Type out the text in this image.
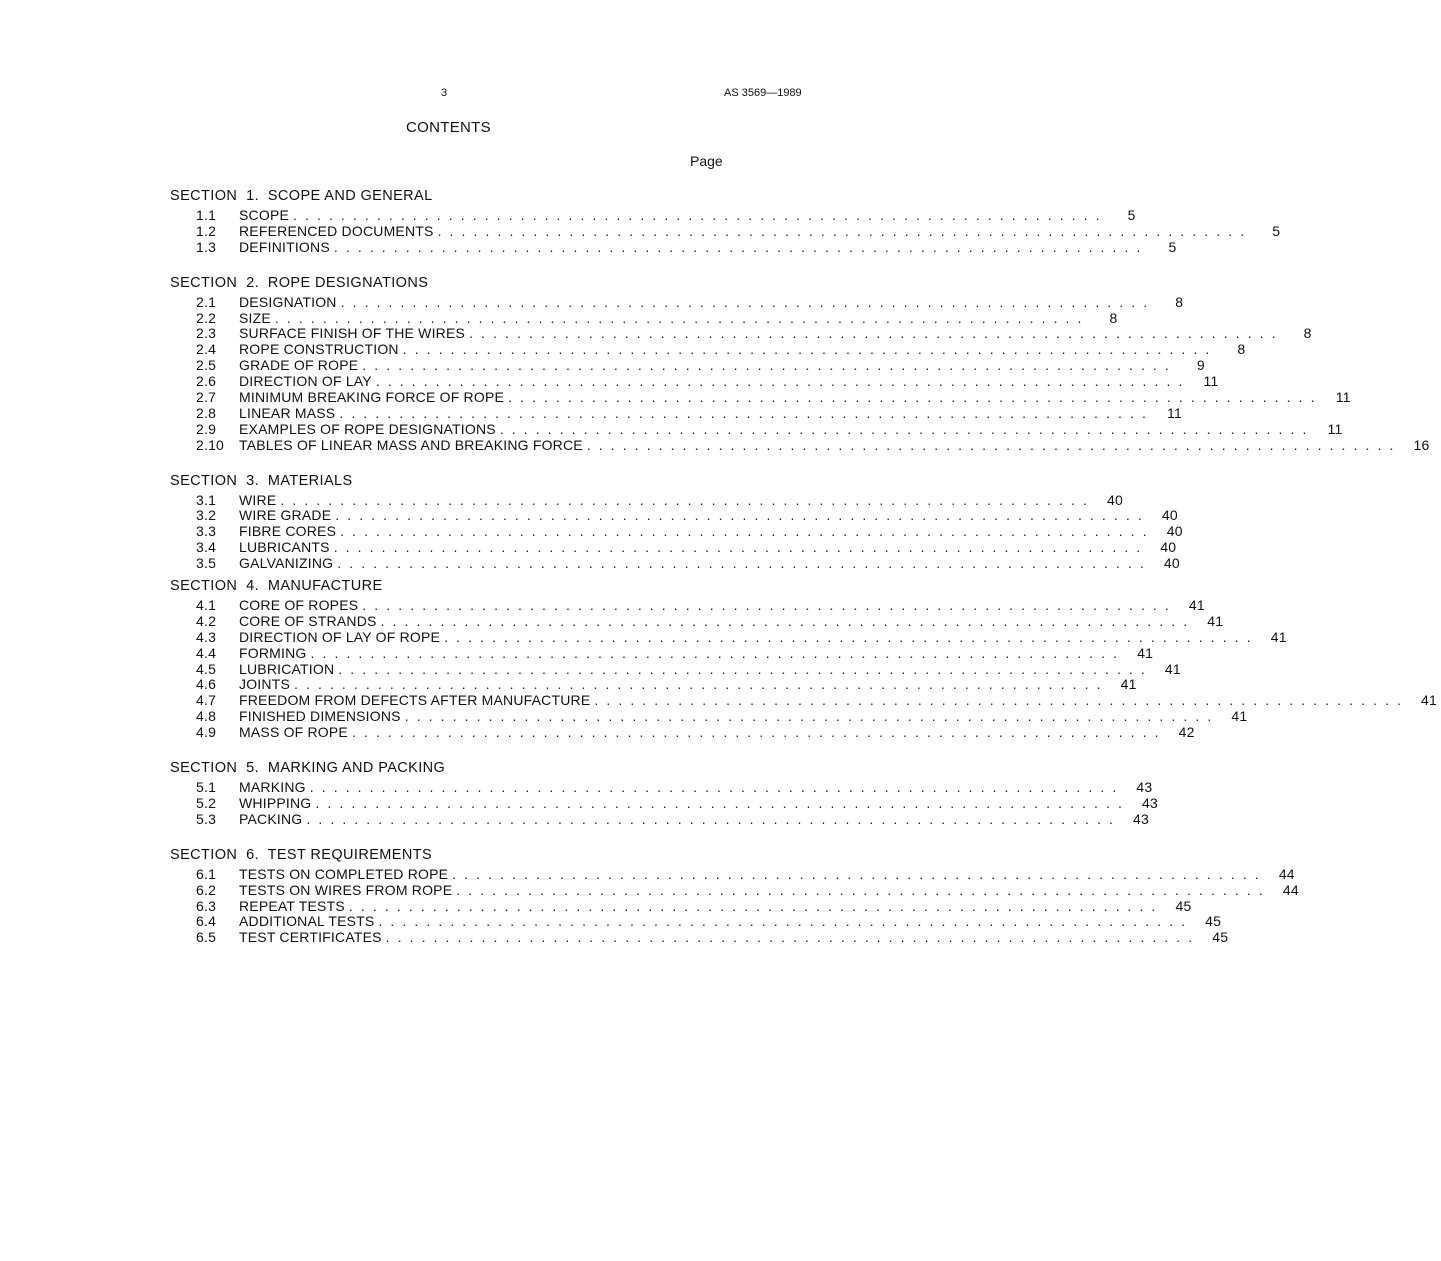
3	AS 3569—1989
CONTENTS
Page
SECTION  1.  SCOPE AND GENERAL
1.1	SCOPE . . . . . . . . . . . . . . . . . . . . . . . . . . . . . . . . . . . . . . . . . . . . . . . . . . . . . . . . . . . . . . . . . . . .	5
1.2	REFERENCED DOCUMENTS . . . . . . . . . . . . . . . . . . . . . . . . . . . . . . . . . . . . . . . . . . . . . . . . . . . . . . . . . . . . . . . . . . . .	5
1.3	DEFINITIONS . . . . . . . . . . . . . . . . . . . . . . . . . . . . . . . . . . . . . . . . . . . . . . . . . . . . . . . . . . . . . . . . . . . .	5
SECTION  2.  ROPE DESIGNATIONS
2.1	DESIGNATION . . . . . . . . . . . . . . . . . . . . . . . . . . . . . . . . . . . . . . . . . . . . . . . . . . . . . . . . . . . . . . . . . . . .	8
2.2	SIZE . . . . . . . . . . . . . . . . . . . . . . . . . . . . . . . . . . . . . . . . . . . . . . . . . . . . . . . . . . . . . . . . . . . .	8
2.3	SURFACE FINISH OF THE WIRES . . . . . . . . . . . . . . . . . . . . . . . . . . . . . . . . . . . . . . . . . . . . . . . . . . . . . . . . . . . . . . . . . . . .	8
2.4	ROPE CONSTRUCTION . . . . . . . . . . . . . . . . . . . . . . . . . . . . . . . . . . . . . . . . . . . . . . . . . . . . . . . . . . . . . . . . . . . .	8
2.5	GRADE OF ROPE . . . . . . . . . . . . . . . . . . . . . . . . . . . . . . . . . . . . . . . . . . . . . . . . . . . . . . . . . . . . . . . . . . . .	9
2.6	DIRECTION OF LAY . . . . . . . . . . . . . . . . . . . . . . . . . . . . . . . . . . . . . . . . . . . . . . . . . . . . . . . . . . . . . . . . . . . .	11
2.7	MINIMUM BREAKING FORCE OF ROPE . . . . . . . . . . . . . . . . . . . . . . . . . . . . . . . . . . . . . . . . . . . . . . . . . . . . . . . . . . . . . . . . . . . .	11
2.8	LINEAR MASS . . . . . . . . . . . . . . . . . . . . . . . . . . . . . . . . . . . . . . . . . . . . . . . . . . . . . . . . . . . . . . . . . . . .	11
2.9	EXAMPLES OF ROPE DESIGNATIONS . . . . . . . . . . . . . . . . . . . . . . . . . . . . . . . . . . . . . . . . . . . . . . . . . . . . . . . . . . . . . . . . . . . .	11
2.10	TABLES OF LINEAR MASS AND BREAKING FORCE . . . . . . . . . . . . . . . . . . . . . . . . . . . . . . . . . . . . . . . . . . . . . . . . . . . . . . . . . . . . . . . . . . . .	16
SECTION  3.  MATERIALS
3.1	WIRE . . . . . . . . . . . . . . . . . . . . . . . . . . . . . . . . . . . . . . . . . . . . . . . . . . . . . . . . . . . . . . . . . . . .	40
3.2	WIRE GRADE . . . . . . . . . . . . . . . . . . . . . . . . . . . . . . . . . . . . . . . . . . . . . . . . . . . . . . . . . . . . . . . . . . . .	40
3.3	FIBRE CORES . . . . . . . . . . . . . . . . . . . . . . . . . . . . . . . . . . . . . . . . . . . . . . . . . . . . . . . . . . . . . . . . . . . .	40
3.4	LUBRICANTS . . . . . . . . . . . . . . . . . . . . . . . . . . . . . . . . . . . . . . . . . . . . . . . . . . . . . . . . . . . . . . . . . . . .	40
3.5	GALVANIZING . . . . . . . . . . . . . . . . . . . . . . . . . . . . . . . . . . . . . . . . . . . . . . . . . . . . . . . . . . . . . . . . . . . .	40
SECTION  4.  MANUFACTURE
4.1	CORE OF ROPES . . . . . . . . . . . . . . . . . . . . . . . . . . . . . . . . . . . . . . . . . . . . . . . . . . . . . . . . . . . . . . . . . . . .	41
4.2	CORE OF STRANDS . . . . . . . . . . . . . . . . . . . . . . . . . . . . . . . . . . . . . . . . . . . . . . . . . . . . . . . . . . . . . . . . . . . .	41
4.3	DIRECTION OF LAY OF ROPE . . . . . . . . . . . . . . . . . . . . . . . . . . . . . . . . . . . . . . . . . . . . . . . . . . . . . . . . . . . . . . . . . . . .	41
4.4	FORMING . . . . . . . . . . . . . . . . . . . . . . . . . . . . . . . . . . . . . . . . . . . . . . . . . . . . . . . . . . . . . . . . . . . .	41
4.5	LUBRICATION . . . . . . . . . . . . . . . . . . . . . . . . . . . . . . . . . . . . . . . . . . . . . . . . . . . . . . . . . . . . . . . . . . . .	41
4.6	JOINTS . . . . . . . . . . . . . . . . . . . . . . . . . . . . . . . . . . . . . . . . . . . . . . . . . . . . . . . . . . . . . . . . . . . .	41
4.7	FREEDOM FROM DEFECTS AFTER MANUFACTURE . . . . . . . . . . . . . . . . . . . . . . . . . . . . . . . . . . . . . . . . . . . . . . . . . . . . . . . . . . . . . . . . . . . .	41
4.8	FINISHED DIMENSIONS . . . . . . . . . . . . . . . . . . . . . . . . . . . . . . . . . . . . . . . . . . . . . . . . . . . . . . . . . . . . . . . . . . . .	41
4.9	MASS OF ROPE . . . . . . . . . . . . . . . . . . . . . . . . . . . . . . . . . . . . . . . . . . . . . . . . . . . . . . . . . . . . . . . . . . . .	42
SECTION  5.  MARKING AND PACKING
5.1	MARKING . . . . . . . . . . . . . . . . . . . . . . . . . . . . . . . . . . . . . . . . . . . . . . . . . . . . . . . . . . . . . . . . . . . .	43
5.2	WHIPPING . . . . . . . . . . . . . . . . . . . . . . . . . . . . . . . . . . . . . . . . . . . . . . . . . . . . . . . . . . . . . . . . . . . .	43
5.3	PACKING . . . . . . . . . . . . . . . . . . . . . . . . . . . . . . . . . . . . . . . . . . . . . . . . . . . . . . . . . . . . . . . . . . . .	43
SECTION  6.  TEST REQUIREMENTS
6.1	TESTS ON COMPLETED ROPE . . . . . . . . . . . . . . . . . . . . . . . . . . . . . . . . . . . . . . . . . . . . . . . . . . . . . . . . . . . . . . . . . . . .	44
6.2	TESTS ON WIRES FROM ROPE . . . . . . . . . . . . . . . . . . . . . . . . . . . . . . . . . . . . . . . . . . . . . . . . . . . . . . . . . . . . . . . . . . . .	44
6.3	REPEAT TESTS . . . . . . . . . . . . . . . . . . . . . . . . . . . . . . . . . . . . . . . . . . . . . . . . . . . . . . . . . . . . . . . . . . . .	45
6.4	ADDITIONAL TESTS . . . . . . . . . . . . . . . . . . . . . . . . . . . . . . . . . . . . . . . . . . . . . . . . . . . . . . . . . . . . . . . . . . . .	45
6.5	TEST CERTIFICATES . . . . . . . . . . . . . . . . . . . . . . . . . . . . . . . . . . . . . . . . . . . . . . . . . . . . . . . . . . . . . . . . . . . .	45
